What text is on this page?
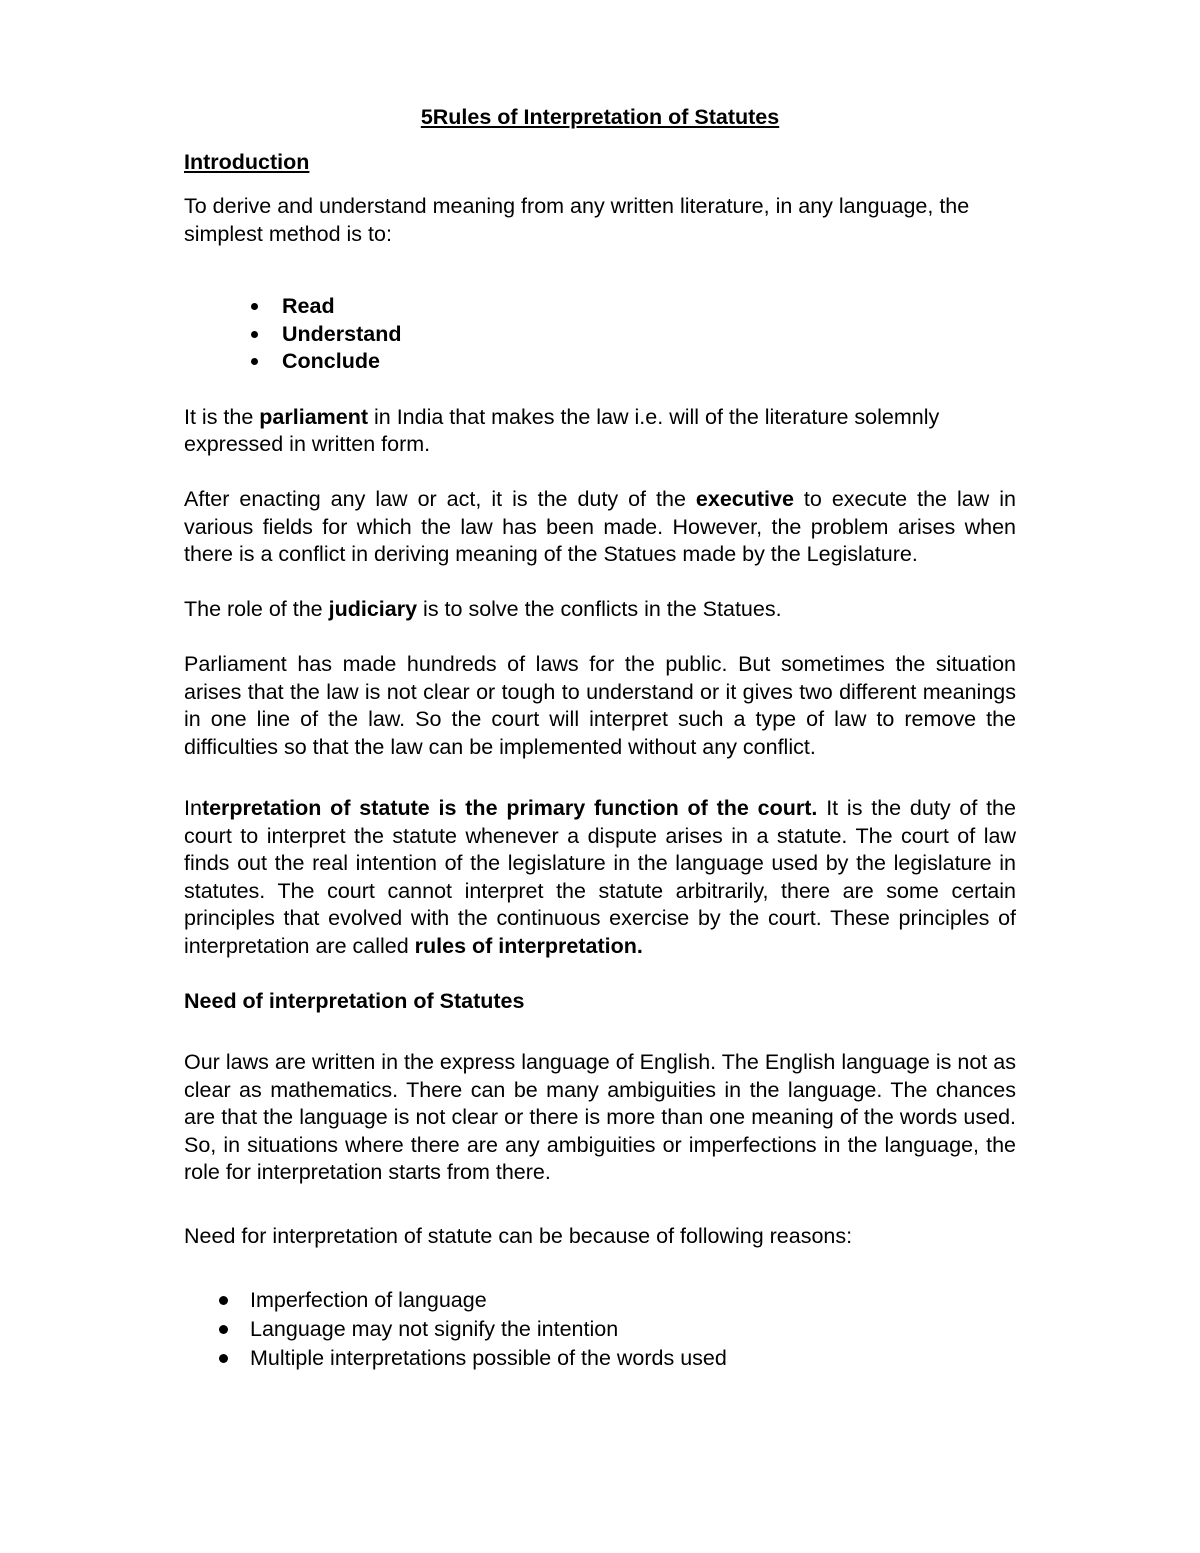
5Rules of Interpretation of Statutes
Introduction

To derive and understand meaning from any written literature, in any language, the simplest method is to:

Read
Understand
Conclude

It is the parliament in India that makes the law i.e. will of the literature solemnly expressed in written form.

After enacting any law or act, it is the duty of the executive to execute the law in various fields for which the law has been made. However, the problem arises when there is a conflict in deriving meaning of the Statues made by the Legislature.

The role of the judiciary is to solve the conflicts in the Statues.

Parliament has made hundreds of laws for the public. But sometimes the situation arises that the law is not clear or tough to understand or it gives two different meanings in one line of the law. So the court will interpret such a type of law to remove the difficulties so that the law can be implemented without any conflict.

Interpretation of statute is the primary function of the court. It is the duty of the court to interpret the statute whenever a dispute arises in a statute. The court of law finds out the real intention of the legislature in the language used by the legislature in statutes. The court cannot interpret the statute arbitrarily, there are some certain principles that evolved with the continuous exercise by the court. These principles of interpretation are called rules of interpretation.

Need of interpretation of Statutes

Our laws are written in the express language of English. The English language is not as clear as mathematics. There can be many ambiguities in the language. The chances are that the language is not clear or there is more than one meaning of the words used. So, in situations where there are any ambiguities or imperfections in the language, the role for interpretation starts from there.

Need for interpretation of statute can be because of following reasons:

Imperfection of language
Language may not signify the intention
Multiple interpretations possible of the words used
